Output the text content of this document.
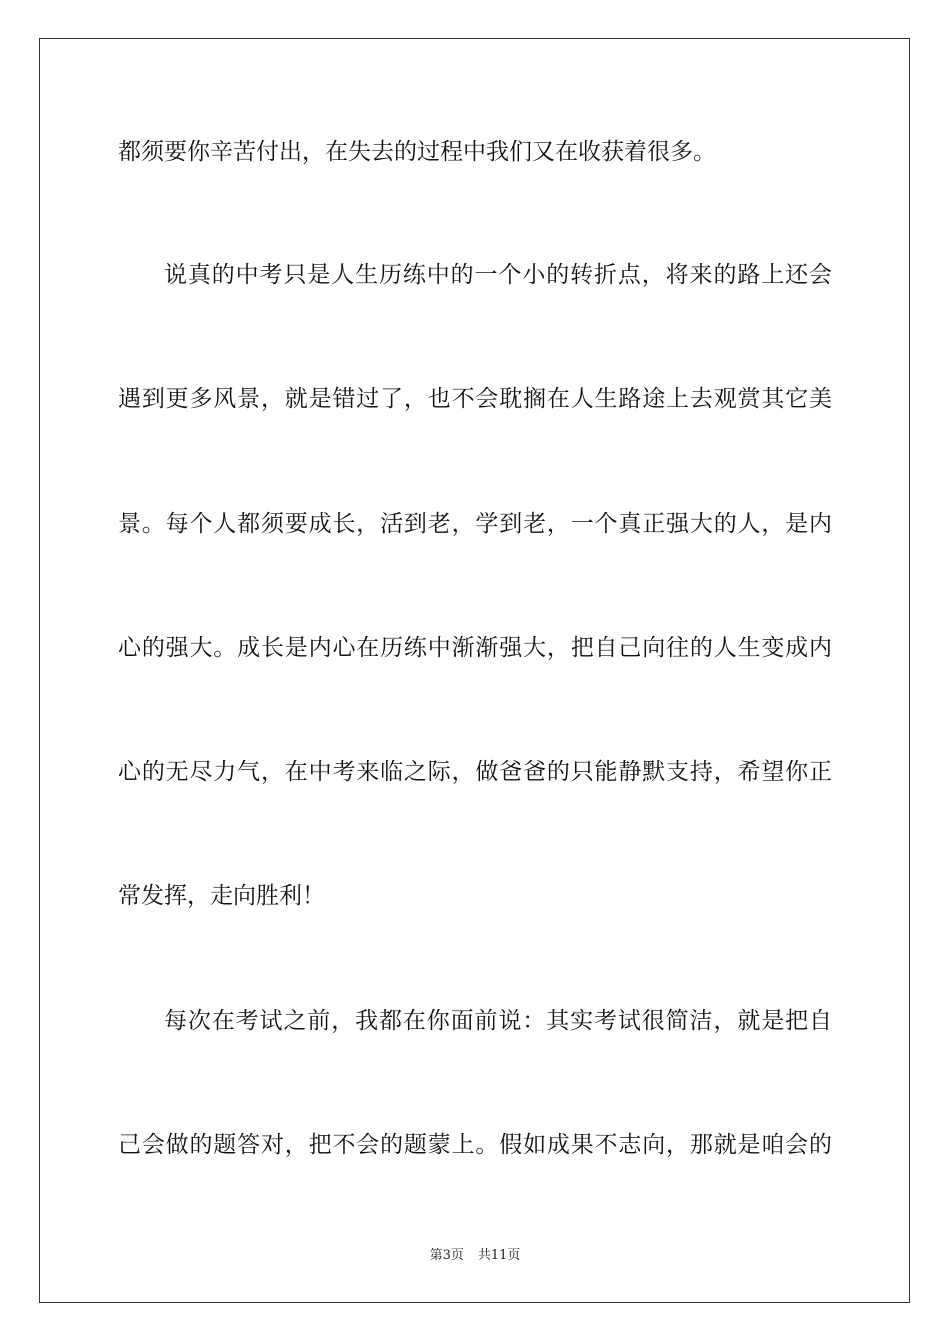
都须要你辛苦付出，在失去的过程中我们又在收获着很多。
说真的中考只是人生历练中的一个小的转折点，将来的路上还会
遇到更多风景，就是错过了，也不会耽搁在人生路途上去观赏其它美
景。每个人都须要成长，活到老，学到老，一个真正强大的人，是内
心的强大。成长是内心在历练中渐渐强大，把自己向往的人生变成内
心的无尽力气，在中考来临之际，做爸爸的只能静默支持，希望你正
常发挥，走向胜利！
每次在考试之前，我都在你面前说：其实考试很简洁，就是把自
己会做的题答对，把不会的题蒙上。假如成果不志向，那就是咱会的
第3页 共11页
